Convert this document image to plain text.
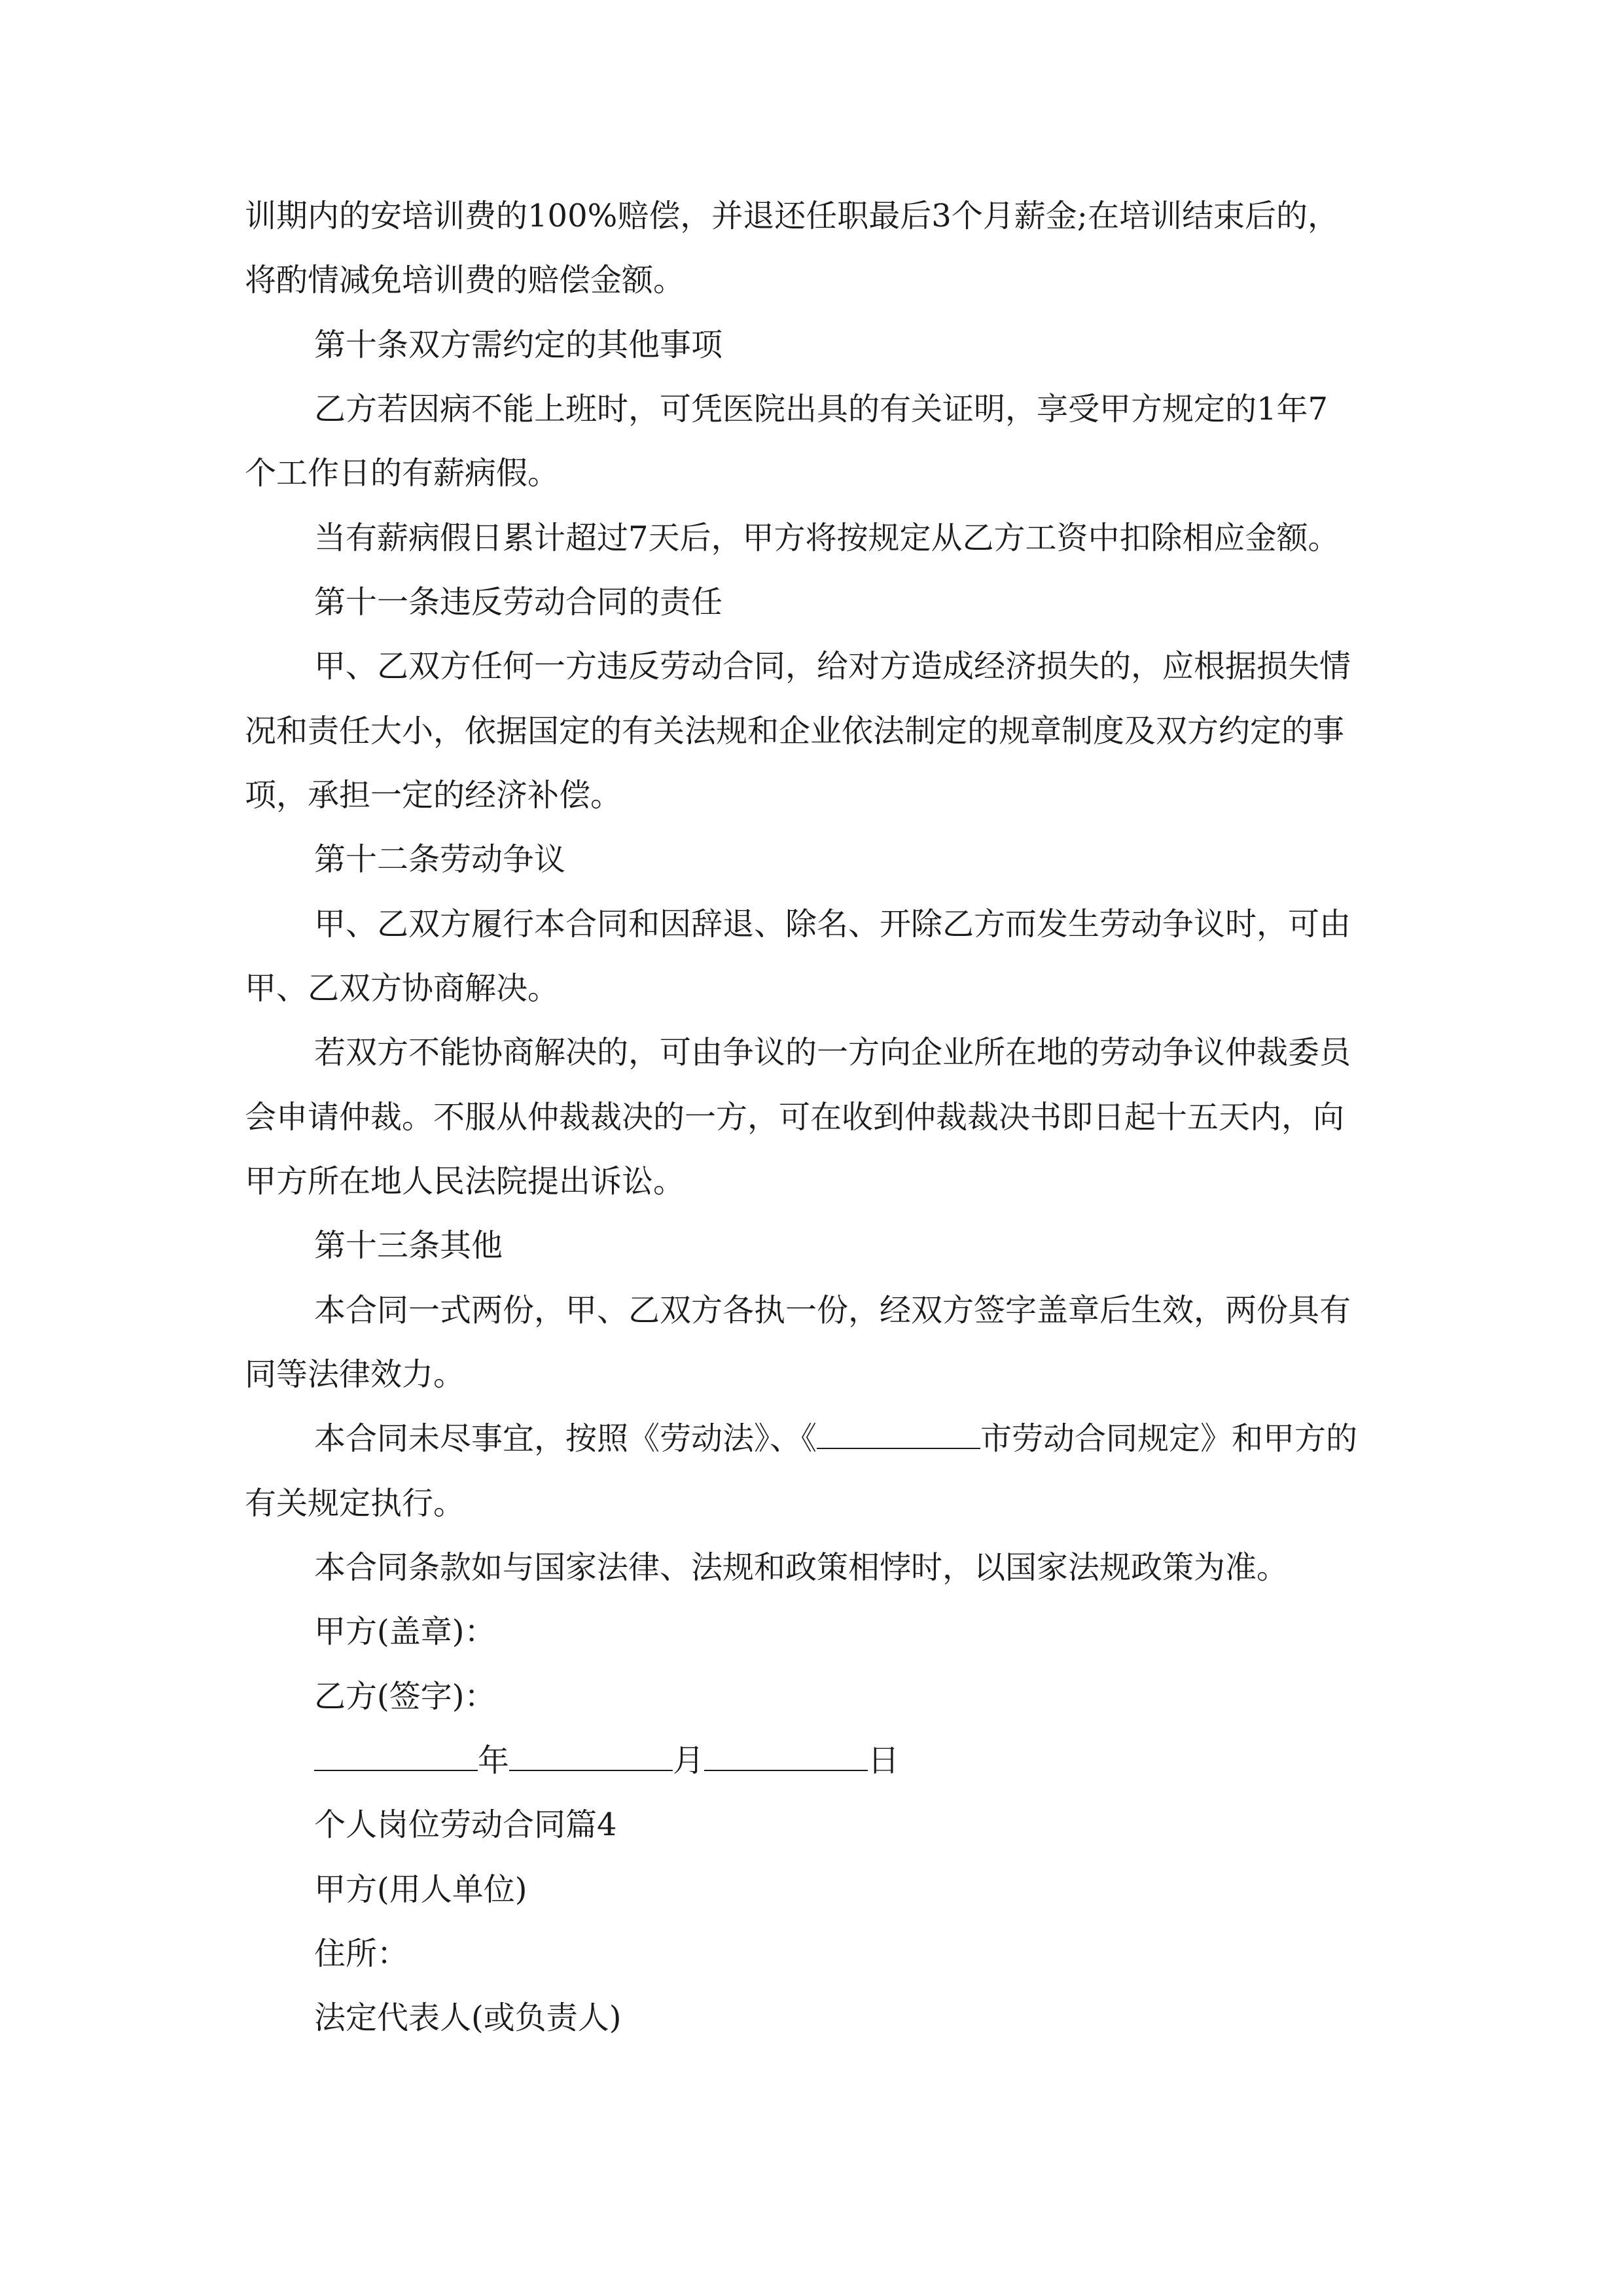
训期内的安培训费的100%赔偿，并退还任职最后3个月薪金;在培训结束后的，
将酌情减免培训费的赔偿金额。
第十条双方需约定的其他事项
乙方若因病不能上班时，可凭医院出具的有关证明，享受甲方规定的1年7
个工作日的有薪病假。
当有薪病假日累计超过7天后，甲方将按规定从乙方工资中扣除相应金额。
第十一条违反劳动合同的责任
甲、乙双方任何一方违反劳动合同，给对方造成经济损失的，应根据损失情
况和责任大小，依据国定的有关法规和企业依法制定的规章制度及双方约定的事
项，承担一定的经济补偿。
第十二条劳动争议
甲、乙双方履行本合同和因辞退、除名、开除乙方而发生劳动争议时，可由
甲、乙双方协商解决。
若双方不能协商解决的，可由争议的一方向企业所在地的劳动争议仲裁委员
会申请仲裁。不服从仲裁裁决的一方，可在收到仲裁裁决书即日起十五天内，向
甲方所在地人民法院提出诉讼。
第十三条其他
本合同一式两份，甲、乙双方各执一份，经双方签字盖章后生效，两份具有
同等法律效力。
本合同未尽事宜，按照《劳动法》、《	市劳动合同规定》和甲方的
有关规定执行。
本合同条款如与国家法律、法规和政策相悖时，以国家法规政策为准。
甲方(盖章)：
乙方(签字)：
年	月	日
个人岗位劳动合同篇4
甲方(用人单位)
住所：
法定代表人(或负责人)
